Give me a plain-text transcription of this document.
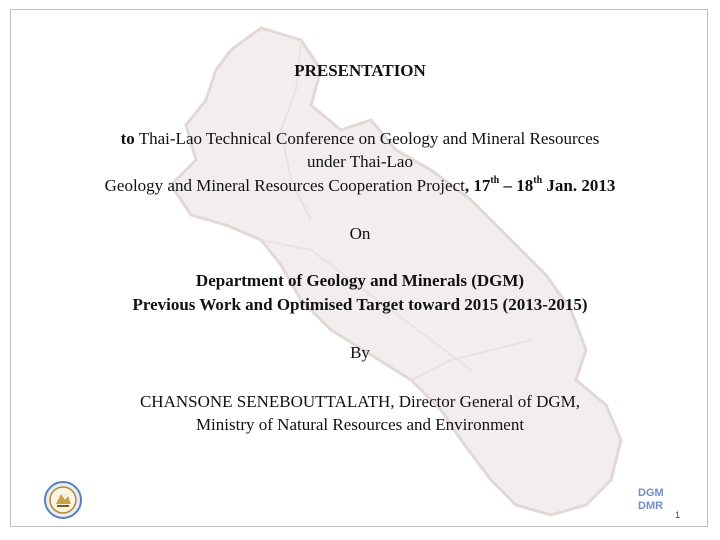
PRESENTATION
to Thai-Lao Technical Conference on Geology and Mineral Resources
under Thai-Lao
Geology and Mineral Resources Cooperation Project, 17th – 18th Jan. 2013
On
Department of Geology and Minerals (DGM)
Previous Work and Optimised Target toward 2015 (2013-2015)
By
CHANSONE SENEBOUTTALATH, Director General of DGM,
Ministry of Natural Resources and Environment
DGM
DMR
1
